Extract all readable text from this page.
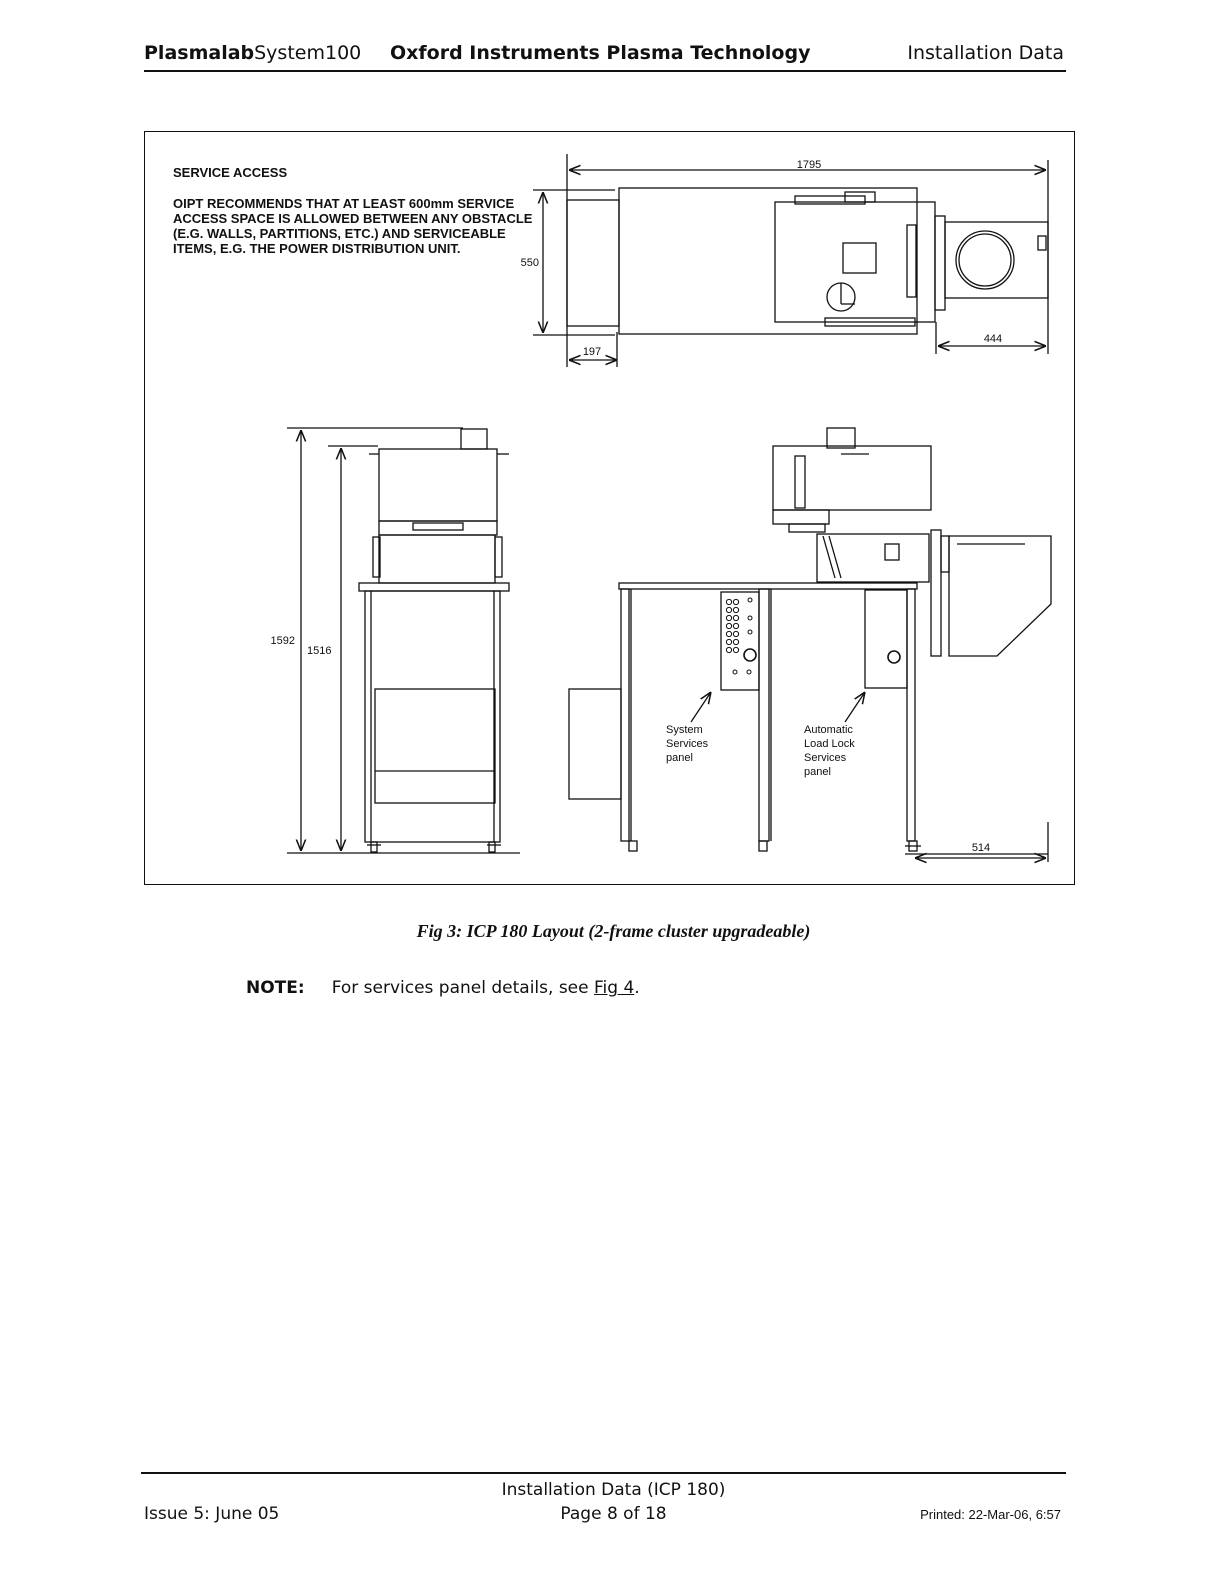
PlasmalabSystem100 Oxford Instruments Plasma Technology	Installation Data
1795
550
197
444
1592
1516
System
Services
panel
Automatic
Load Lock
Services
panel
514
SERVICE ACCESS
OIPT RECOMMENDS THAT AT LEAST 600mm SERVICE ACCESS SPACE IS ALLOWED BETWEEN ANY OBSTACLE (E.G. WALLS, PARTITIONS, ETC.) AND SERVICEABLE ITEMS, E.G. THE POWER DISTRIBUTION UNIT.
Fig 3: ICP 180 Layout (2-frame cluster upgradeable)
NOTE: For services panel details, see Fig 4.
Installation Data (ICP 180)
Issue 5: June 05	Page 8 of 18	Printed: 22-Mar-06, 6:57
